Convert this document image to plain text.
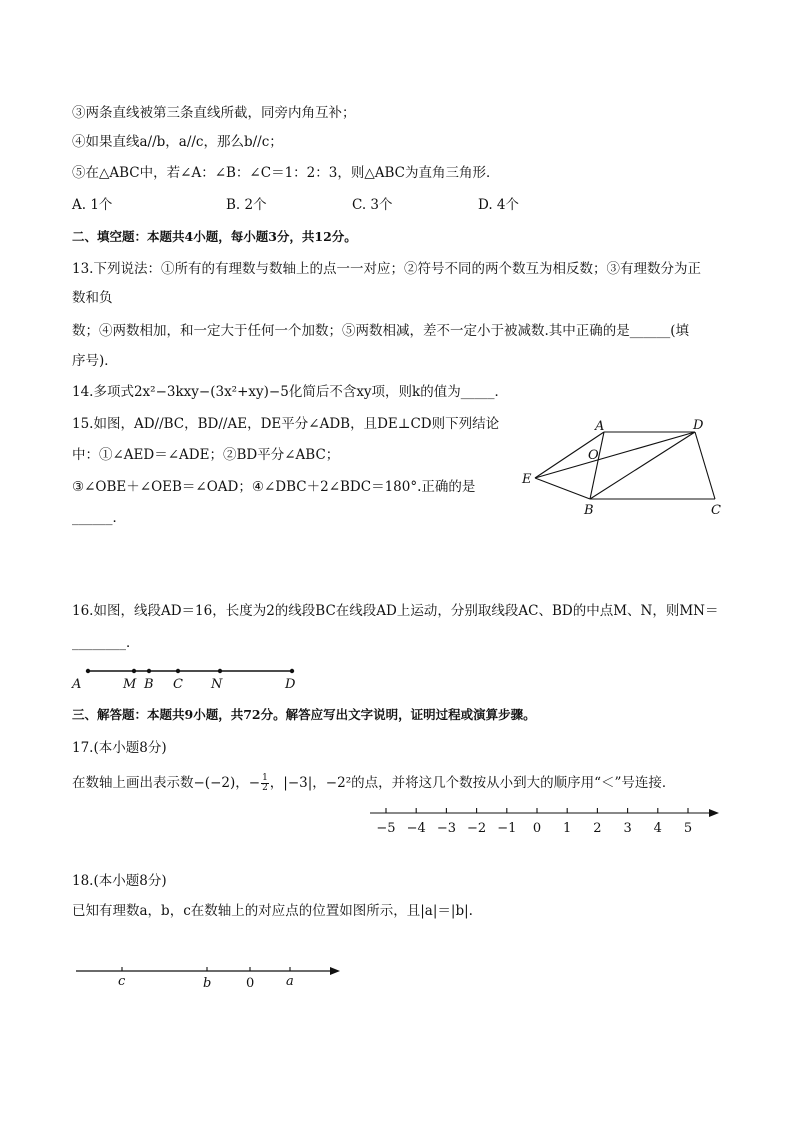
③两条直线被第三条直线所截，同旁内角互补；
④如果直线a//b，a//c，那么b//c；
⑤在△ABC中，若∠A：∠B：∠C＝1：2：3，则△ABC为直角三角形．
A. 1个	B. 2个	C. 3个	D. 4个
二、填空题：本题共4小题，每小题3分，共12分。
13.下列说法：①所有的有理数与数轴上的点一一对应；②符号不同的两个数互为相反数；③有理数分为正
数和负
数；④两数相加，和一定大于任何一个加数；⑤两数相减，差不一定小于被减数.其中正确的是______(填
序号)．
14.多项式2x²−3kxy−(3x²+xy)−5化简后不含xy项，则k的值为_____．
15.如图，AD//BC，BD//AE，DE平分∠ADB，且DE⊥CD则下列结论
中：①∠AED＝∠ADE；②BD平分∠ABC；
③∠OBE＋∠OEB＝∠OAD；④∠DBC＋2∠BDC＝180°.正确的是
______．
A	D
O
E
B	C
16.如图，线段AD＝16，长度为2的线段BC在线段AD上运动，分别取线段AC、BD的中点M、N，则MN＝
________．
A	M B C N	D
三、解答题：本题共9小题，共72分。解答应写出文字说明，证明过程或演算步骤。
17.(本小题8分)
在数轴上画出表示数−(−2)，− $\frac{1}{2}$ ，|−3|，−2²的点，并将这几个数按从小到大的顺序用“＜”号连接．
−5 −4 −3 −2 −1 0 1 2 3 4 5
18.(本小题8分)
已知有理数a，b，c在数轴上的对应点的位置如图所示，且|a|＝|b|.
c	b	0 a
